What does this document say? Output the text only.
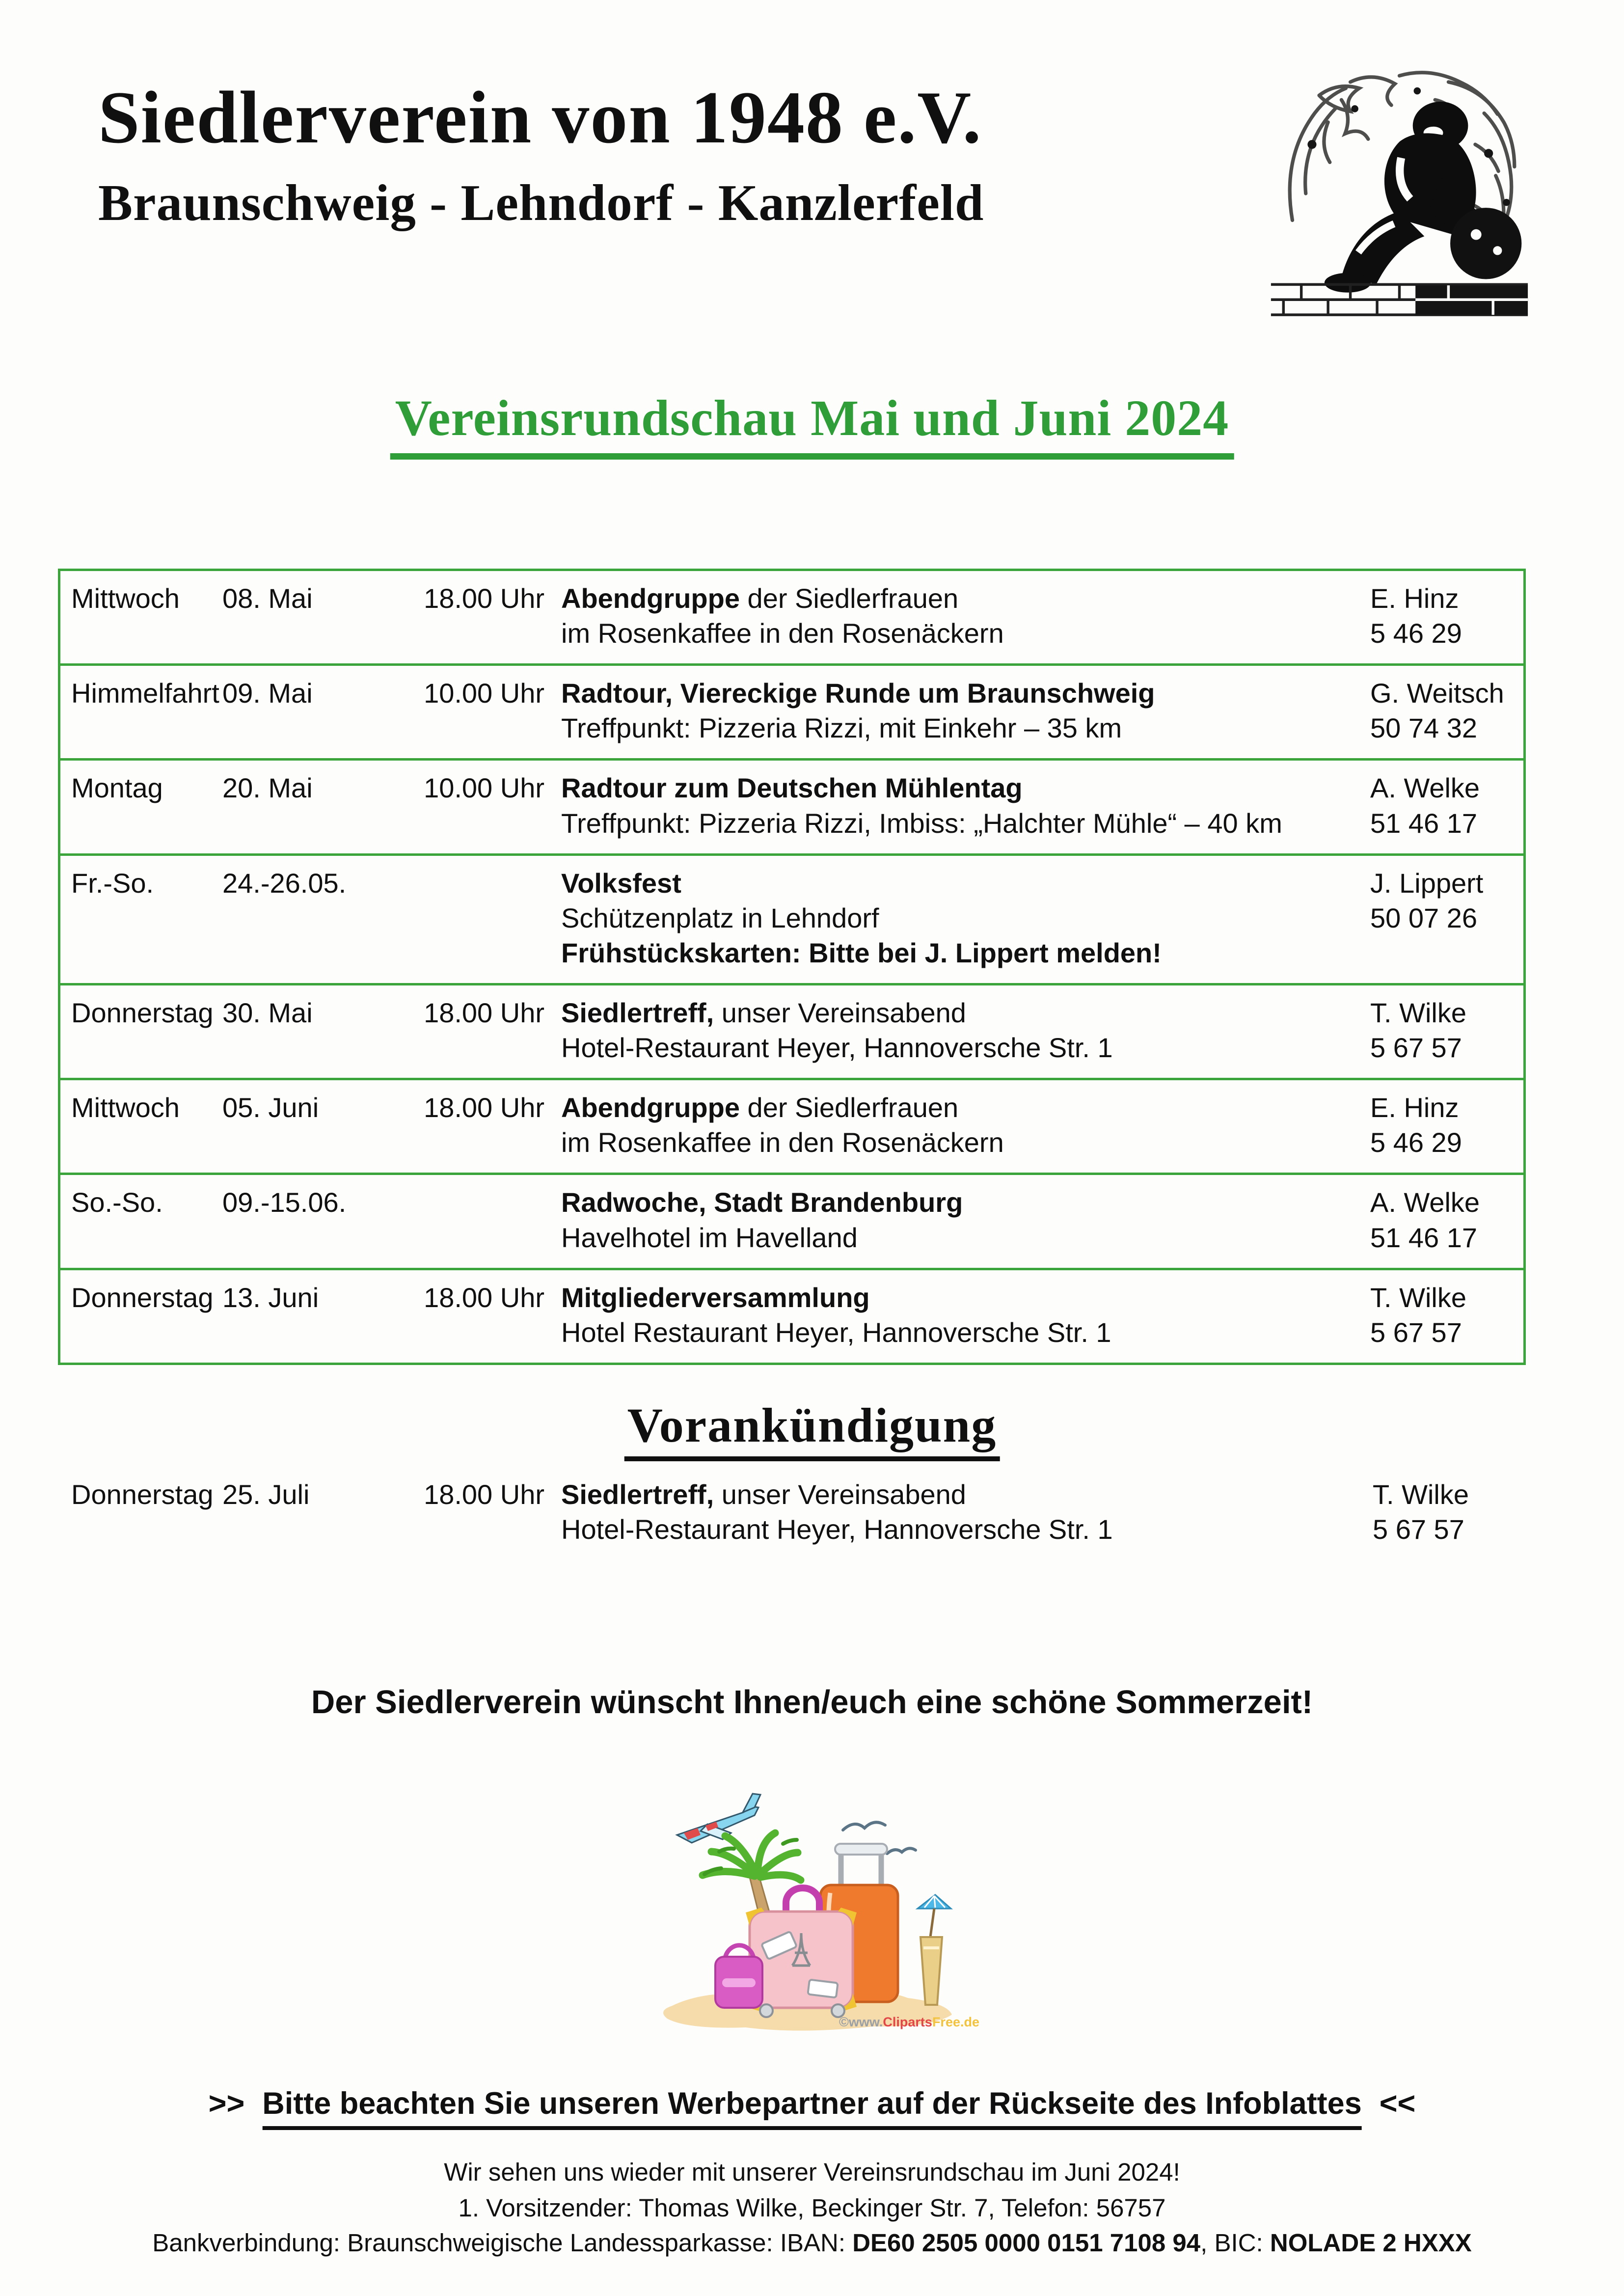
Siedlerverein von 1948 e.V.
Braunschweig - Lehndorf - Kanzlerfeld
Vereinsrundschau Mai und Juni 2024
Mittwoch	08. Mai	18.00 Uhr Abendgruppe der Siedlerfrauen
im Rosenkaffee in den Rosenäckern
E. Hinz
5 46 29
Himmelfahrt 09. Mai	10.00 Uhr Radtour, Viereckige Runde um Braunschweig
Treffpunkt: Pizzeria Rizzi, mit Einkehr – 35 km
G. Weitsch
50 74 32
Montag	20. Mai	10.00 Uhr Radtour zum Deutschen Mühlentag
Treffpunkt: Pizzeria Rizzi, Imbiss: „Halchter Mühle“ – 40 km
A. Welke
51 46 17
Fr.-So.	24.-26.05.	Volksfest
Schützenplatz in Lehndorf
Frühstückskarten: Bitte bei J. Lippert melden!
J. Lippert
50 07 26
Donnerstag 30. Mai	18.00 Uhr Siedlertreff, unser Vereinsabend
Hotel-Restaurant Heyer, Hannoversche Str. 1
T. Wilke
5 67 57
Mittwoch	05. Juni	18.00 Uhr Abendgruppe der Siedlerfrauen
im Rosenkaffee in den Rosenäckern
E. Hinz
5 46 29
So.-So.	09.-15.06.	Radwoche, Stadt Brandenburg
Havelhotel im Havelland
A. Welke
51 46 17
Donnerstag 13. Juni	18.00 Uhr Mitgliederversammlung
Hotel Restaurant Heyer, Hannoversche Str. 1
T. Wilke
5 67 57
Vorankündigung
Donnerstag 25. Juli	18.00 Uhr Siedlertreff, unser Vereinsabend
Hotel-Restaurant Heyer, Hannoversche Str. 1
T. Wilke
5 67 57
Der Siedlerverein wünscht Ihnen/euch eine schöne Sommerzeit!
©www.ClipartsFree.de
>> Bitte beachten Sie unseren Werbepartner auf der Rückseite des Infoblattes <<
Wir sehen uns wieder mit unserer Vereinsrundschau im Juni 2024!
1. Vorsitzender: Thomas Wilke, Beckinger Str. 7, Telefon: 56757
Bankverbindung: Braunschweigische Landessparkasse: IBAN: DE60 2505 0000 0151 7108 94, BIC: NOLADE 2 HXXX
